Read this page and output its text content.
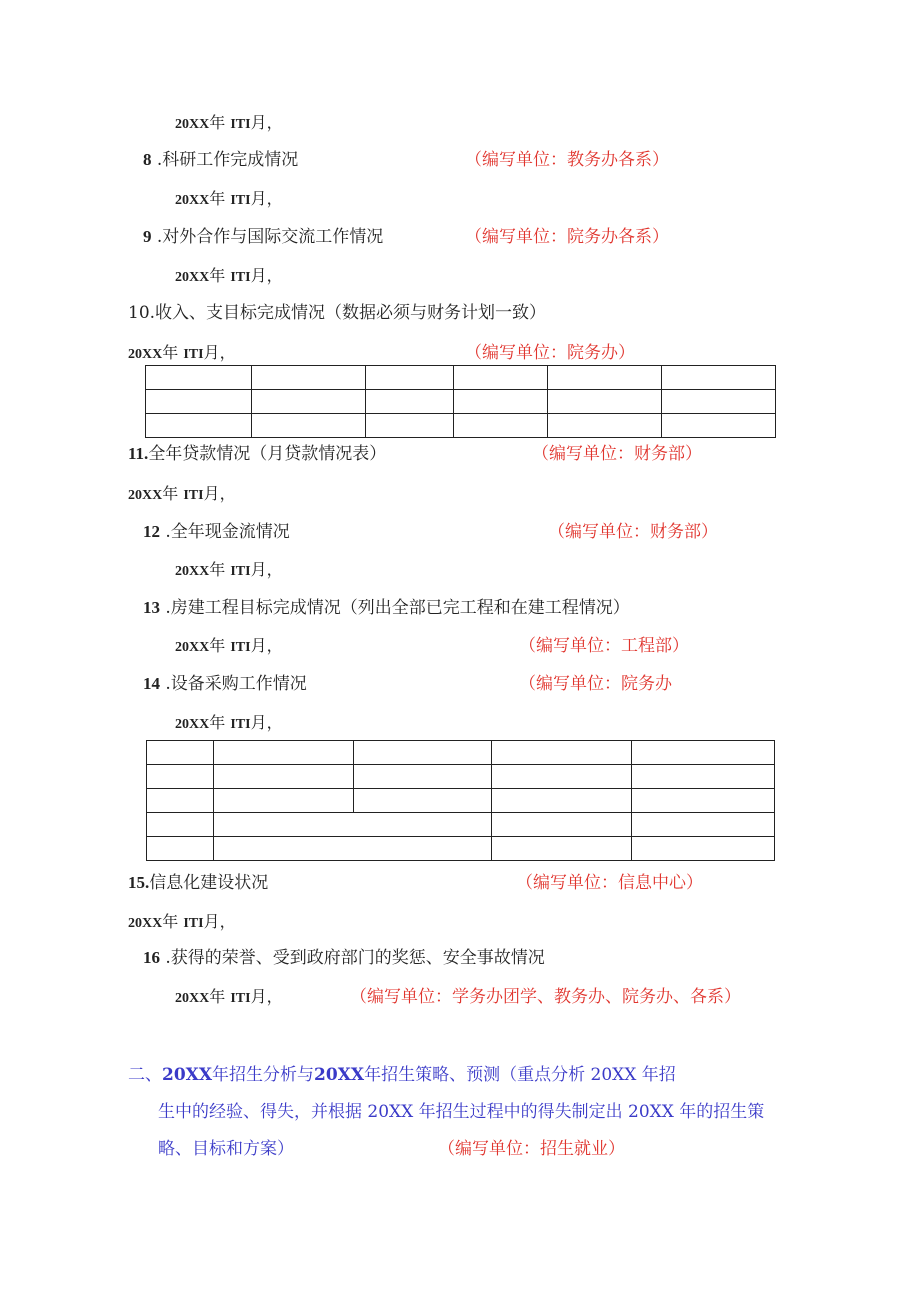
20XX年 ITI月，
8 .科研工作完成情况	（编写单位：教务办各系）
20XX年 ITI月，
9 .对外合作与国际交流工作情况	（编写单位：院务办各系）
20XX年 ITI月，
10.收入、支目标完成情况（数据必须与财务计划一致）
20XX年 ITI月，	（编写单位：院务办）

11.全年贷款情况（月贷款情况表）	（编写单位：财务部）
20XX年 ITI月，
12 .全年现金流情况	（编写单位：财务部）
20XX年 ITI月，
13 .房建工程目标完成情况（列出全部已完工程和在建工程情况）
20XX年 ITI月，	（编写单位：工程部）
14 .设备采购工作情况	（编写单位：院务办
20XX年 ITI月，

15.信息化建设状况	（编写单位：信息中心）
20XX年 ITI月，
16 .获得的荣誉、受到政府部门的奖惩、安全事故情况
20XX年 ITI月，	（编写单位：学务办团学、教务办、院务办、各系）
二、20XX年招生分析与20XX年招生策略、预测（重点分析 20XX 年招
生中的经验、得失，并根据 20XX 年招生过程中的得失制定出 20XX 年的招生策
略、目标和方案）	（编写单位：招生就业）
